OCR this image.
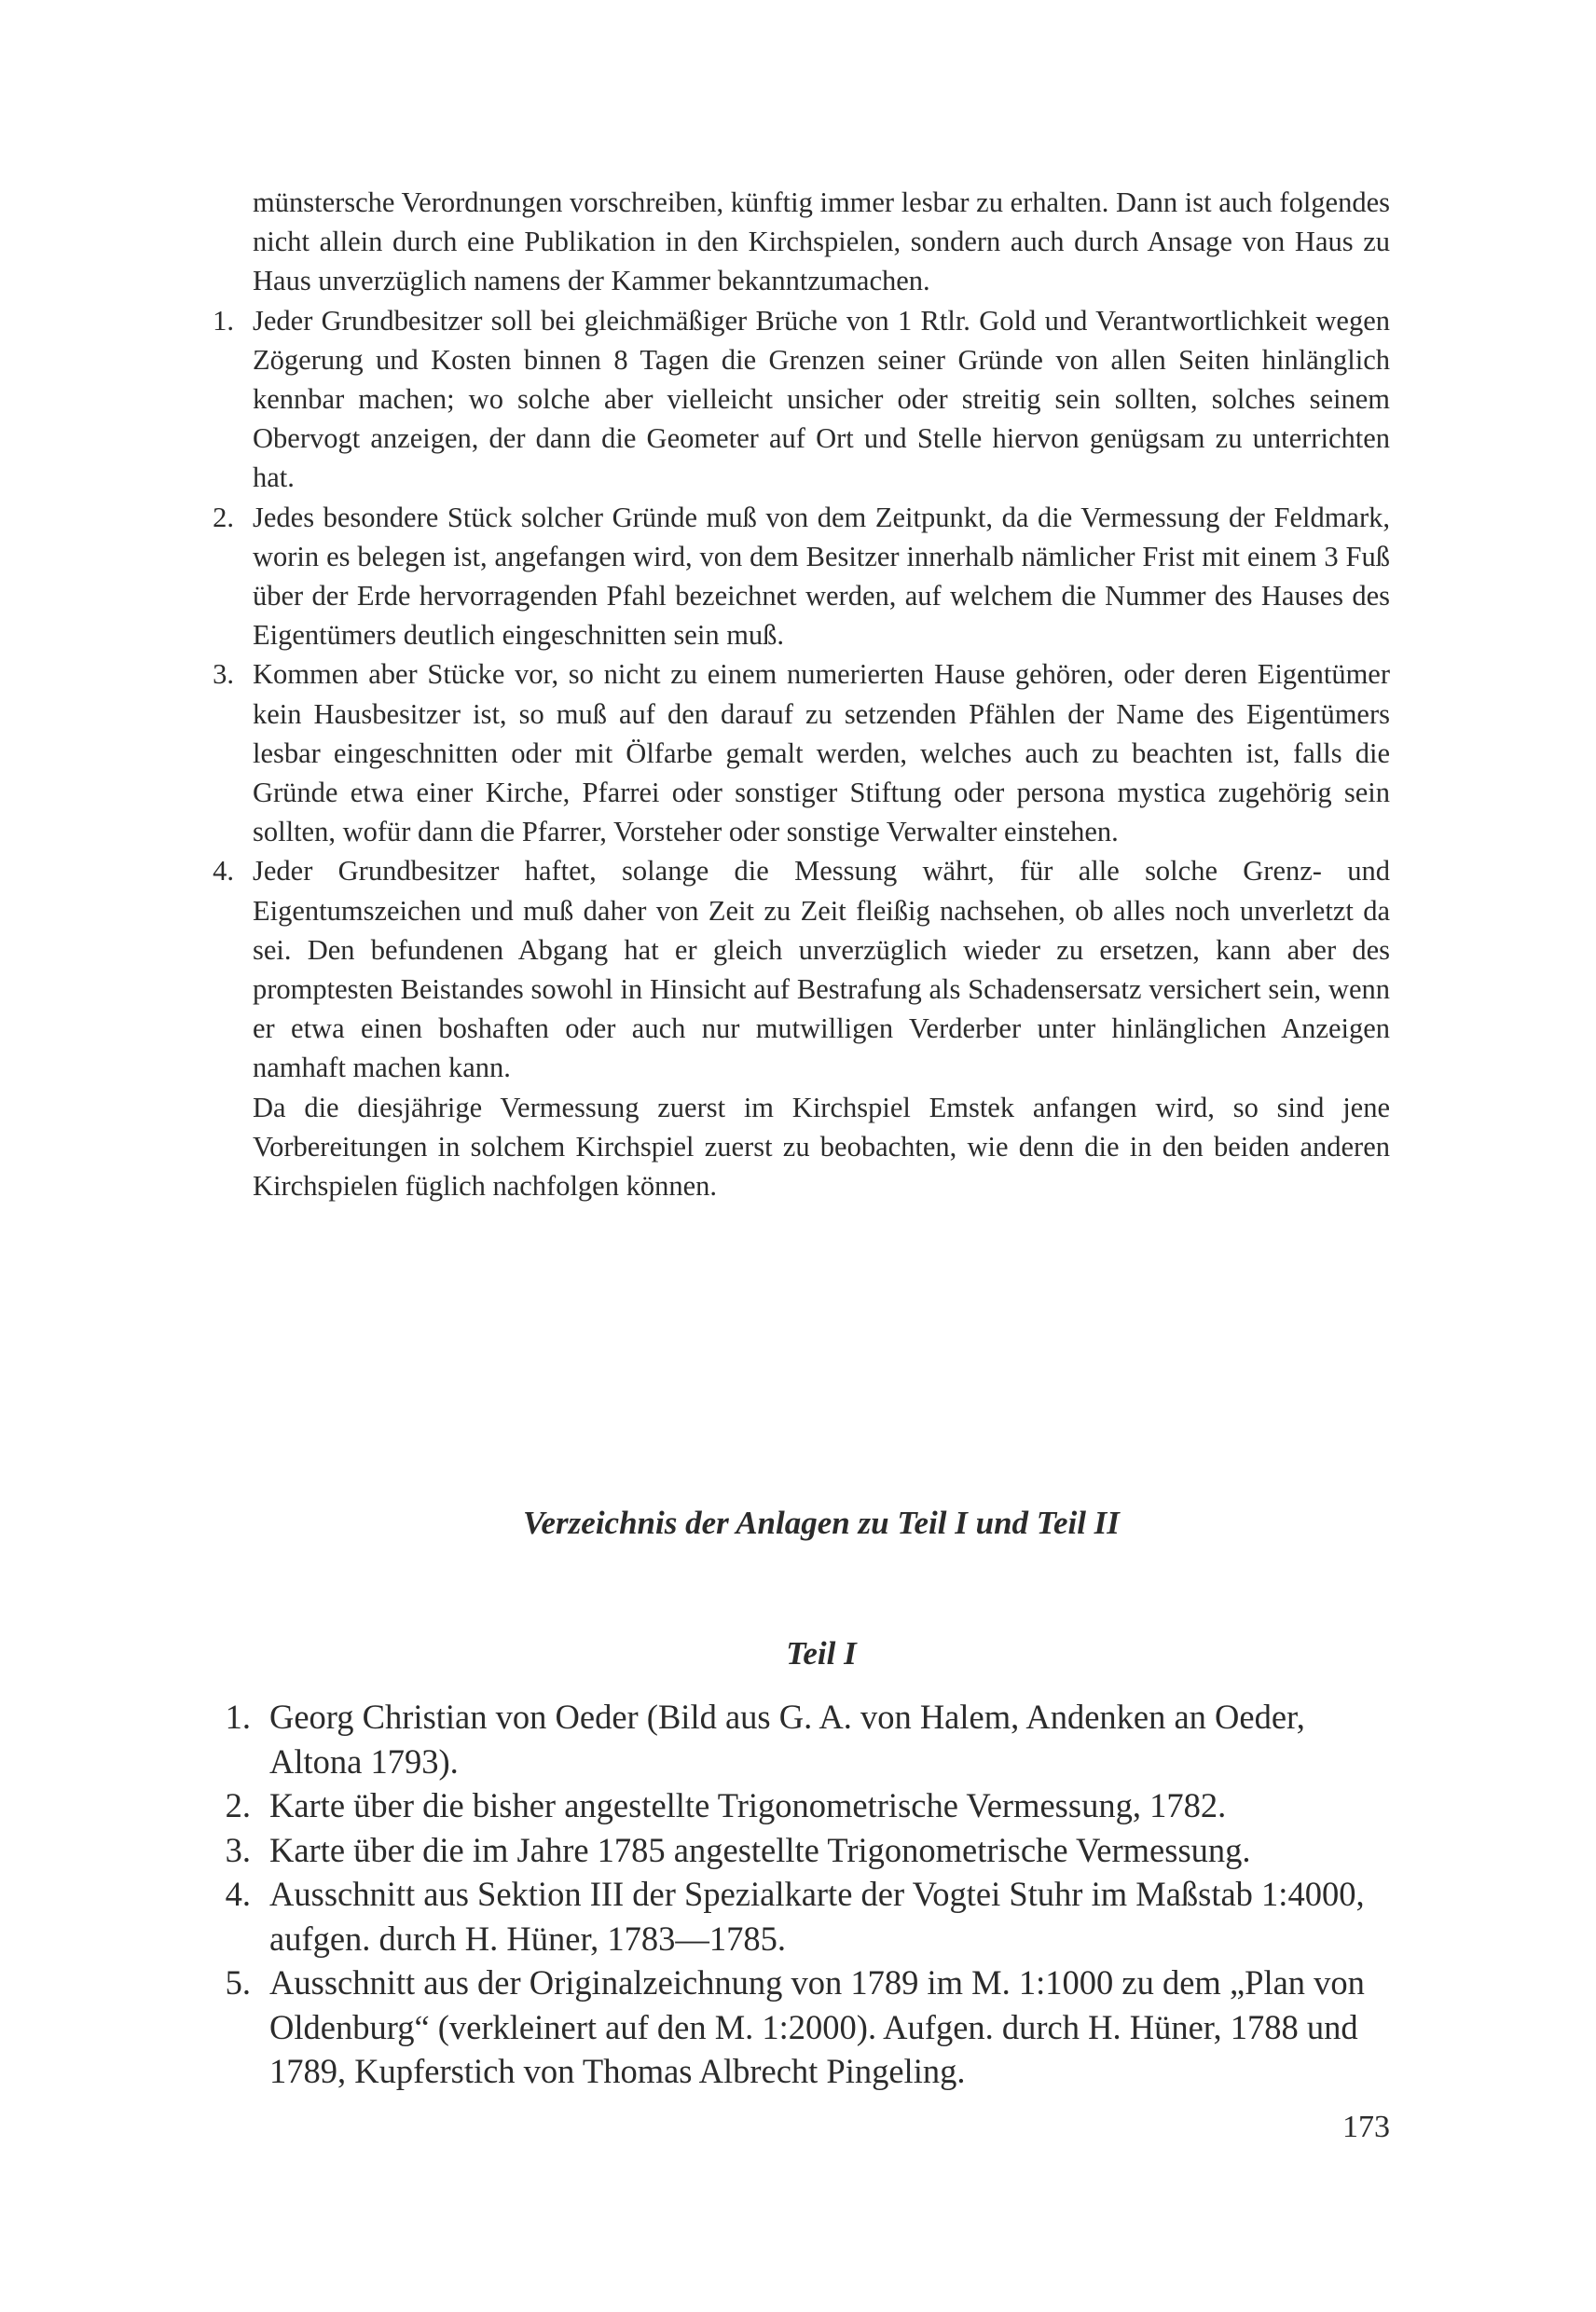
münstersche Verordnungen vorschreiben, künftig immer lesbar zu erhalten. Dann ist auch folgendes nicht allein durch eine Publikation in den Kirchspielen, sondern auch durch Ansage von Haus zu Haus unverzüglich namens der Kammer bekanntzumachen.

1. Jeder Grundbesitzer soll bei gleichmäßiger Brüche von 1 Rtlr. Gold und Verantwortlichkeit wegen Zögerung und Kosten binnen 8 Tagen die Grenzen seiner Gründe von allen Seiten hinlänglich kennbar machen; wo solche aber vielleicht unsicher oder streitig sein sollten, solches seinem Obervogt anzeigen, der dann die Geometer auf Ort und Stelle hiervon genügsam zu unterrichten hat.
2. Jedes besondere Stück solcher Gründe muß von dem Zeitpunkt, da die Vermessung der Feldmark, worin es belegen ist, angefangen wird, von dem Besitzer innerhalb nämlicher Frist mit einem 3 Fuß über der Erde hervorragenden Pfahl bezeichnet werden, auf welchem die Nummer des Hauses des Eigentümers deutlich eingeschnitten sein muß.
3. Kommen aber Stücke vor, so nicht zu einem numerierten Hause gehören, oder deren Eigentümer kein Hausbesitzer ist, so muß auf den darauf zu setzenden Pfählen der Name des Eigentümers lesbar eingeschnitten oder mit Ölfarbe gemalt werden, welches auch zu beachten ist, falls die Gründe etwa einer Kirche, Pfarrei oder sonstiger Stiftung oder persona mystica zugehörig sein sollten, wofür dann die Pfarrer, Vorsteher oder sonstige Verwalter einstehen.
4. Jeder Grundbesitzer haftet, solange die Messung währt, für alle solche Grenz- und Eigentumszeichen und muß daher von Zeit zu Zeit fleißig nachsehen, ob alles noch unverletzt da sei. Den befundenen Abgang hat er gleich unverzüglich wieder zu ersetzen, kann aber des promptesten Beistandes sowohl in Hinsicht auf Bestrafung als Schadensersatz versichert sein, wenn er etwa einen boshaften oder auch nur mutwilligen Verderber unter hinlänglichen Anzeigen namhaft machen kann.

Da die diesjährige Vermessung zuerst im Kirchspiel Emstek anfangen wird, so sind jene Vorbereitungen in solchem Kirchspiel zuerst zu beobachten, wie denn die in den beiden anderen Kirchspielen füglich nachfolgen können.

Verzeichnis der Anlagen zu Teil I und Teil II
Teil I
1. Georg Christian von Oeder (Bild aus G. A. von Halem, Andenken an Oeder, Altona 1793).
2. Karte über die bisher angestellte Trigonometrische Vermessung, 1782.
3. Karte über die im Jahre 1785 angestellte Trigonometrische Vermessung.
4. Ausschnitt aus Sektion III der Spezialkarte der Vogtei Stuhr im Maßstab 1:4000, aufgen. durch H. Hüner, 1783—1785.
5. Ausschnitt aus der Originalzeichnung von 1789 im M. 1:1000 zu dem „Plan von Oldenburg“ (verkleinert auf den M. 1:2000). Aufgen. durch H. Hüner, 1788 und 1789, Kupferstich von Thomas Albrecht Pingeling.

173
